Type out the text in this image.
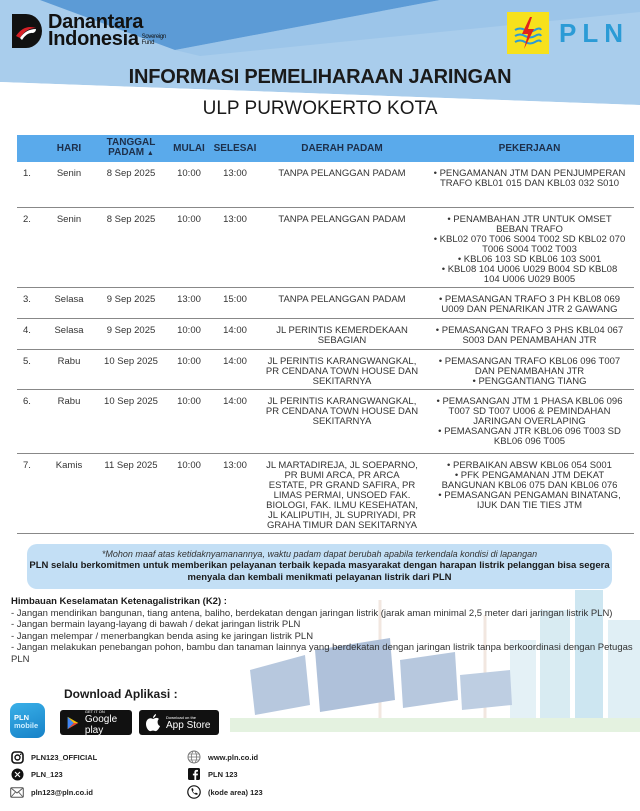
Danantara
Indonesia Sovereign
Fund	PLN
INFORMASI PEMELIHARAAN JARINGAN
ULP PURWOKERTO KOTA
	HARI	TANGGAL
PADAM ▲	MULAI	SELESAI	DAERAH PADAM	PEKERJAAN
1.	Senin	8 Sep 2025	10:00	13:00	TANPA PELANGGAN PADAM	• PENGAMANAN JTM DAN PENJUMPERAN TRAFO KBL01 015 DAN KBL03 032 S010

2.	Senin	8 Sep 2025	10:00	13:00	TANPA PELANGGAN PADAM	• PENAMBAHAN JTR UNTUK OMSET BEBAN TRAFO
• KBL02 070 T006 S004 T002 SD KBL02 070 T006 S004 T002 T003
• KBL06 103 SD KBL06 103 S001
• KBL08 104 U006 U029 B004 SD KBL08 104 U006 U029 B005

3.	Selasa	9 Sep 2025	13:00	15:00	TANPA PELANGGAN PADAM	• PEMASANGAN TRAFO 3 PH KBL08 069 U009 DAN PENARIKAN JTR 2 GAWANG

4.	Selasa	9 Sep 2025	10:00	14:00	JL PERINTIS KEMERDEKAAN SEBAGIAN	• PEMASANGAN TRAFO 3 PHS KBL04 067 S003 DAN PENAMBAHAN JTR

5.	Rabu	10 Sep 2025	10:00	14:00	JL PERINTIS KARANGWANGKAL, PR CENDANA TOWN HOUSE DAN SEKITARNYA	• PEMASANGAN TRAFO KBL06 096 T007 DAN PENAMBAHAN JTR
• PENGGANTIANG TIANG

6.	Rabu	10 Sep 2025	10:00	14:00	JL PERINTIS KARANGWANGKAL, PR CENDANA TOWN HOUSE DAN SEKITARNYA	• PEMASANGAN JTM 1 PHASA KBL06 096 T007 SD T007 U006 & PEMINDAHAN JARINGAN OVERLAPING
• PEMASANGAN JTR KBL06 096 T003 SD KBL06 096 T005

7.	Kamis	11 Sep 2025	10:00	13:00	JL MARTADIREJA, JL SOEPARNO, PR BUMI ARCA, PR ARCA ESTATE, PR GRAND SAFIRA, PR LIMAS PERMAI, UNSOED FAK. BIOLOGI, FAK. ILMU KESEHATAN, JL KALIPUTIH, JL SUPRIYADI, PR GRAHA TIMUR DAN SEKITARNYA	• PERBAIKAN ABSW KBL06 054 S001
• PFK PENGAMANAN JTM DEKAT BANGUNAN KBL06 075 DAN KBL06 076
• PEMASANGAN PENGAMAN BINATANG, IJUK DAN TIE TIES JTM
*Mohon maaf atas ketidaknyamanannya, waktu padam dapat berubah apabila terkendala kondisi di lapangan
PLN selalu berkomitmen untuk memberikan pelayanan terbaik kepada masyarakat dengan harapan listrik pelanggan bisa segera menyala dan kembali menikmati pelayanan listrik dari PLN
Himbauan Keselamatan Ketenagalistrikan (K2) :
- Jangan mendirikan bangunan, tiang antena, baliho, berdekatan dengan jaringan listrik (jarak aman minimal 2,5 meter dari jaringan listrik PLN)
- Jangan bermain layang-layang di bawah / dekat jaringan listrik PLN
- Jangan melempar / menerbangkan benda asing ke jaringan listrik PLN
- Jangan melakukan penebangan pohon, bambu dan tanaman lainnya yang berdekatan dengan jaringan listrik tanpa berkoordinasi dengan Petugas PLN
Download Aplikasi :
PLN
mobile
GET IT ON
Google play
Download on the
App Store
PLN123_OFFICIAL
PLN_123
pln123@pln.co.id
www.pln.co.id
PLN 123
(kode area) 123
